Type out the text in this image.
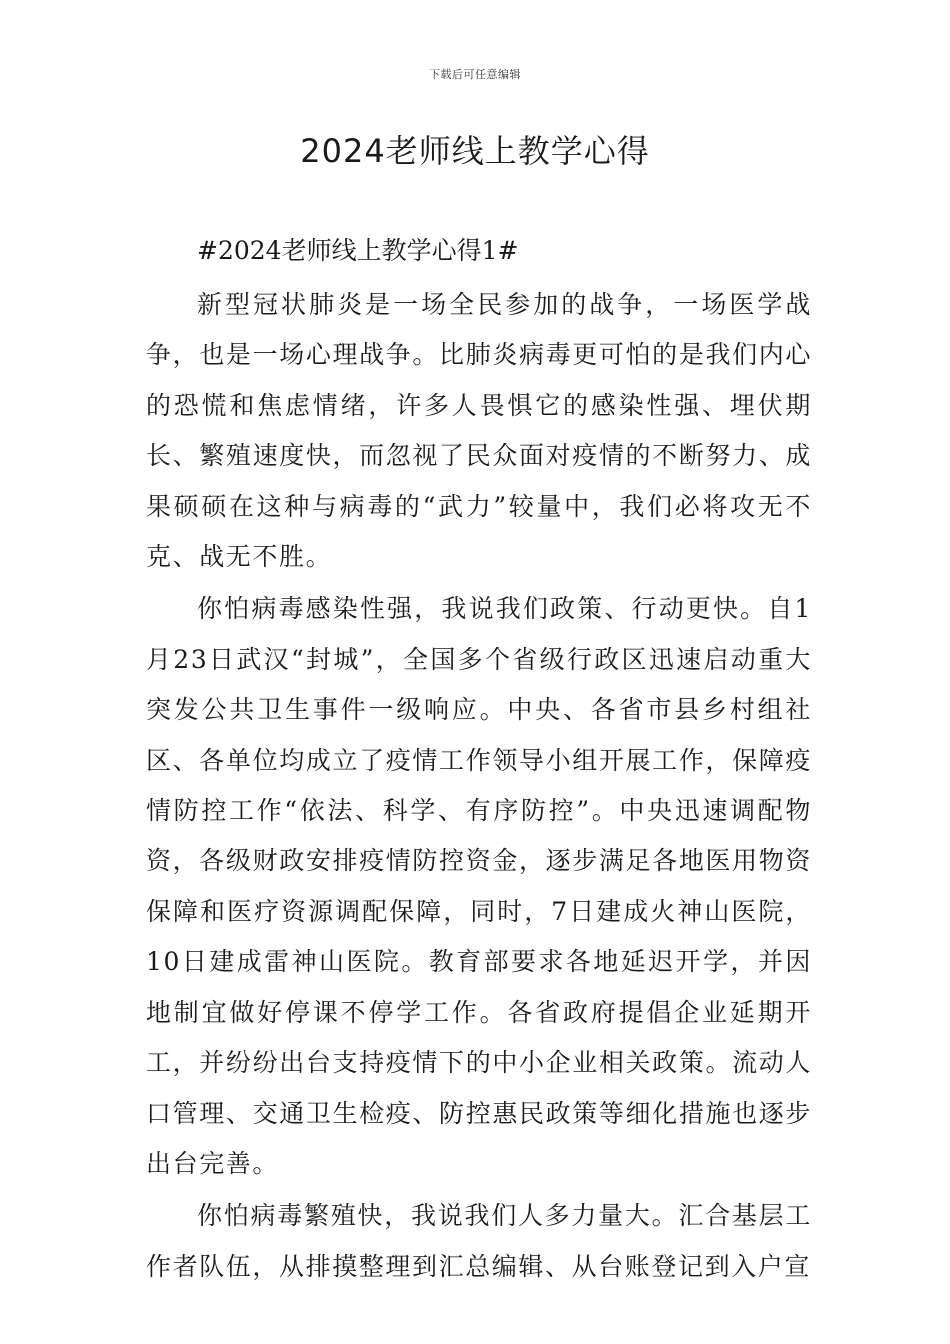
下载后可任意编辑
2024老师线上教学心得

#2024老师线上教学心得1#

新型冠状肺炎是一场全民参加的战争，一场医学战争，也是一场心理战争。比肺炎病毒更可怕的是我们内心的恐慌和焦虑情绪，许多人畏惧它的感染性强、埋伏期长、繁殖速度快，而忽视了民众面对疫情的不断努力、成果硕硕在这种与病毒的“武力”较量中，我们必将攻无不克、战无不胜。

你怕病毒感染性强，我说我们政策、行动更快。自1月23日武汉“封城”，全国多个省级行政区迅速启动重大突发公共卫生事件一级响应。中央、各省市县乡村组社区、各单位均成立了疫情工作领导小组开展工作，保障疫情防控工作“依法、科学、有序防控”。中央迅速调配物资，各级财政安排疫情防控资金，逐步满足各地医用物资保障和医疗资源调配保障，同时，7日建成火神山医院，10日建成雷神山医院。教育部要求各地延迟开学，并因地制宜做好停课不停学工作。各省政府提倡企业延期开工，并纷纷出台支持疫情下的中小企业相关政策。流动人口管理、交通卫生检疫、防控惠民政策等细化措施也逐步出台完善。

你怕病毒繁殖快，我说我们人多力量大。汇合基层工作者队伍，从排摸整理到汇总编辑、从台账登记到入户宣
